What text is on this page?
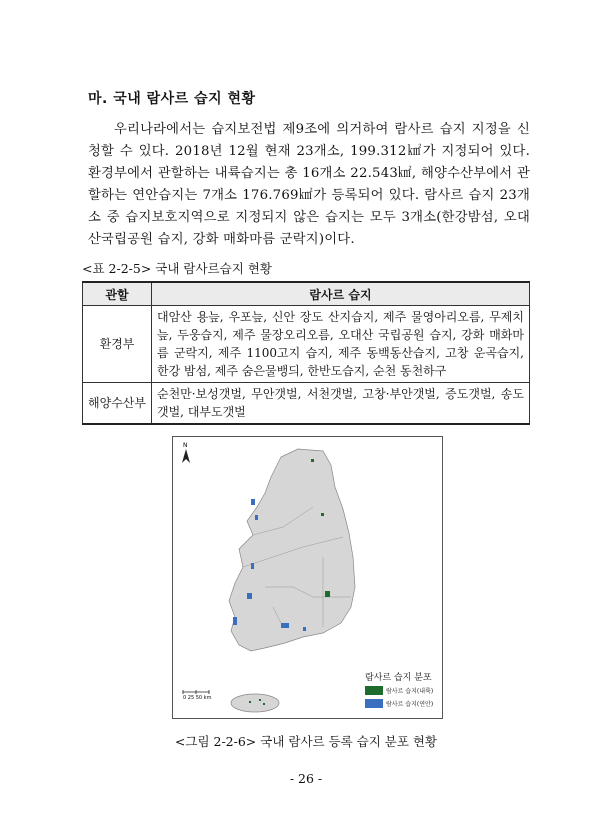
마. 국내 람사르 습지 현황
우리나라에서는 습지보전법 제9조에 의거하여 람사르 습지 지정을 신청할 수 있다. 2018년 12월 현재 23개소, 199.312㎢가 지정되어 있다. 환경부에서 관할하는 내륙습지는 총 16개소 22.543㎢, 해양수산부에서 관할하는 연안습지는 7개소 176.769㎢가 등록되어 있다. 람사르 습지 23개소 중 습지보호지역으로 지정되지 않은 습지는 모두 3개소(한강밤섬, 오대산국립공원 습지, 강화 매화마름 군락지)이다.
<표 2-2-5> 국내 람사르습지 현황
관할	람사르 습지
환경부	대암산 용늪, 우포늪, 신안 장도 산지습지, 제주 물영아리오름, 무제치늪, 두웅습지, 제주 물장오리오름, 오대산 국립공원 습지, 강화 매화마름 군락지, 제주 1100고지 습지, 제주 동백동산습지, 고창 운곡습지, 한강 밤섬, 제주 숨은물뱅듸, 한반도습지, 순천 동천하구
해양수산부	순천만·보성갯벌, 무안갯벌, 서천갯벌, 고창·부안갯벌, 증도갯벌, 송도갯벌, 대부도갯벌
N
0 25 50 km
람사르 습지 분포
람사르 습지(내륙)
람사르 습지(연안)
<그림 2-2-6> 국내 람사르 등록 습지 분포 현황
- 26 -
